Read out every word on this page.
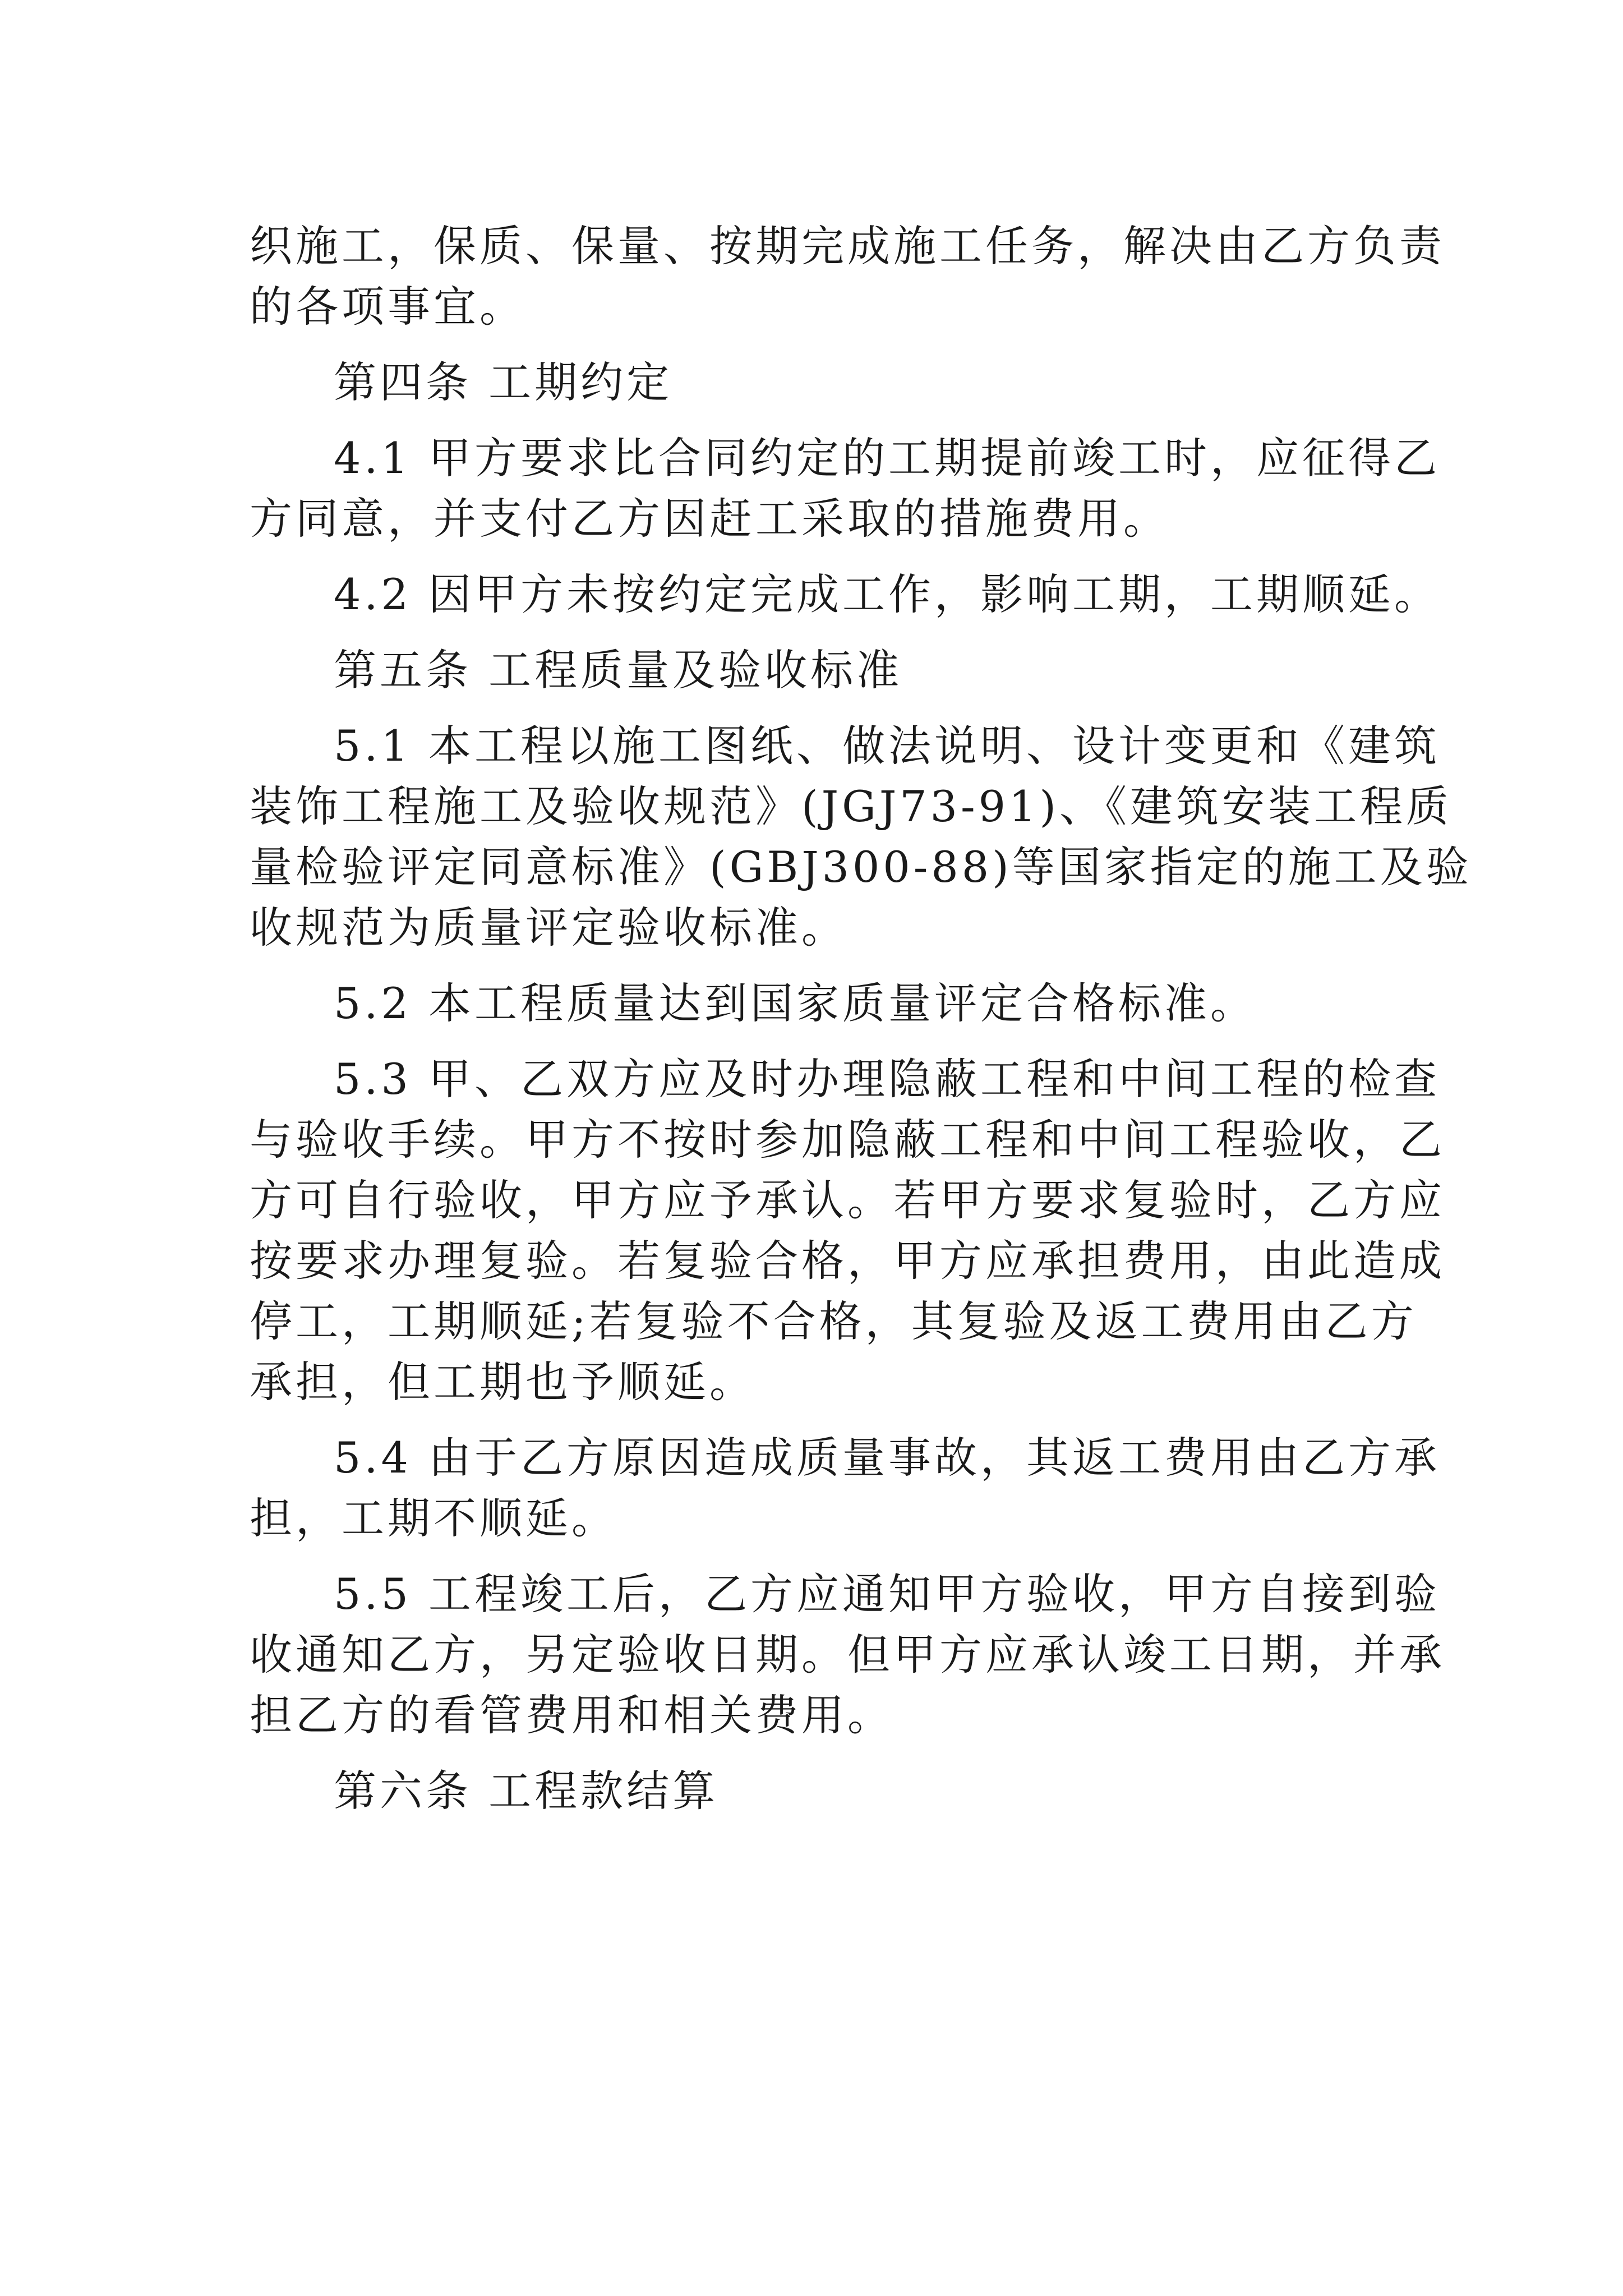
织施工，保质、保量、按期完成施工任务，解决由乙方负责
的各项事宜。
第四条 工期约定
4.1 甲方要求比合同约定的工期提前竣工时，应征得乙
方同意，并支付乙方因赶工采取的措施费用。
4.2 因甲方未按约定完成工作，影响工期，工期顺延。
第五条 工程质量及验收标准
5.1 本工程以施工图纸、做法说明、设计变更和《建筑
装饰工程施工及验收规范》(JGJ73-91)、《建筑安装工程质
量检验评定同意标准》(GBJ300-88)等国家指定的施工及验
收规范为质量评定验收标准。
5.2 本工程质量达到国家质量评定合格标准。
5.3 甲、乙双方应及时办理隐蔽工程和中间工程的检查
与验收手续。甲方不按时参加隐蔽工程和中间工程验收，乙
方可自行验收，甲方应予承认。若甲方要求复验时，乙方应
按要求办理复验。若复验合格，甲方应承担费用，由此造成
停工，工期顺延;若复验不合格，其复验及返工费用由乙方
承担，但工期也予顺延。
5.4 由于乙方原因造成质量事故，其返工费用由乙方承
担，工期不顺延。
5.5 工程竣工后，乙方应通知甲方验收，甲方自接到验
收通知乙方，另定验收日期。但甲方应承认竣工日期，并承
担乙方的看管费用和相关费用。
第六条 工程款结算
